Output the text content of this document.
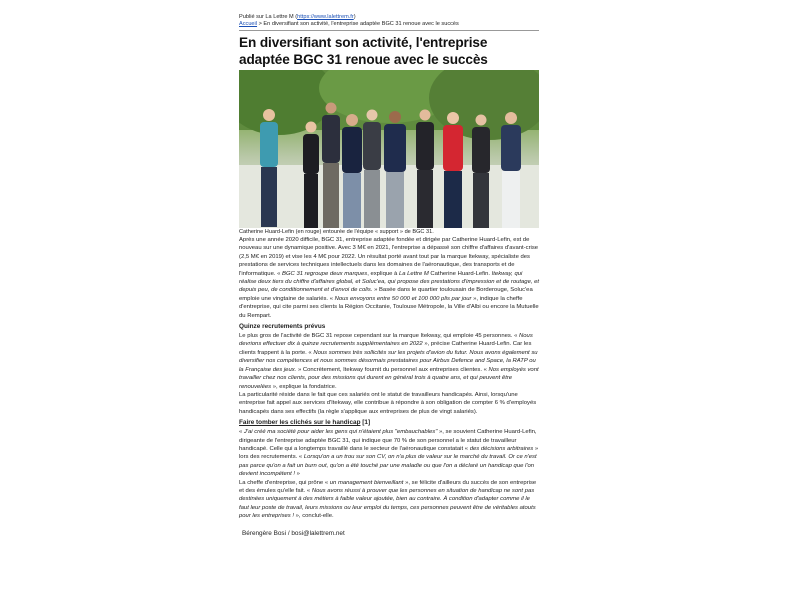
Publié sur La Lettre M (https://www.lalettrem.fr)
Accueil > En diversifiant son activité, l'entreprise adaptée BGC 31 renoue avec le succès
En diversifiant son activité, l'entreprise
adaptée BGC 31 renoue avec le succès
Catherine Huard-Lefin (en rouge) entourée de l'équipe « support » de BGC 31.

Après une année 2020 difficile, BGC 31, entreprise adaptée fondée et dirigée par Catherine Huard-Lefin, est de nouveau sur une dynamique positive. Avec 3 M€ en 2021, l'entreprise a dépassé son chiffre d'affaires d'avant-crise (2,5 M€ en 2019) et vise les 4 M€ pour 2022. Un résultat porté avant tout par la marque Itekway, spécialiste des prestations de services techniques intellectuels dans les domaines de l'aéronautique, des transports et de l'informatique. « BGC 31 regroupe deux marques, explique à La Lettre M Catherine Huard-Lefin. Itekway, qui réalise deux tiers du chiffre d'affaires global, et Soluc'ea, qui propose des prestations d'impression et de routage, et depuis peu, de conditionnement et d'envoi de colis. » Basée dans le quartier toulousain de Borderouge, Soluc'ea emploie une vingtaine de salariés. « Nous envoyons entre 50 000 et 100 000 plis par jour », indique la cheffe d'entreprise, qui cite parmi ses clients la Région Occitanie, Toulouse Métropole, la Ville d'Albi ou encore la Mutuelle du Rempart.

Quinze recrutements prévus

Le plus gros de l'activité de BGC 31 repose cependant sur la marque Itekway, qui emploie 45 personnes. « Nous devrions effectuer dix à quinze recrutements supplémentaires en 2022 », précise Catherine Huard-Lefin. Car les clients frappent à la porte. « Nous sommes très sollicités sur les projets d'avion du futur. Nous avons également su diversifier nos compétences et nous sommes désormais prestataires pour Airbus Defence and Space, la RATP ou la Française des jeux. » Concrètement, Itekway fournit du personnel aux entreprises clientes. « Nos employés vont travailler chez nos clients, pour des missions qui durent en général trois à quatre ans, et qui peuvent être renouvelées », explique la fondatrice.

La particularité réside dans le fait que ces salariés ont le statut de travailleurs handicapés. Ainsi, lorsqu'une entreprise fait appel aux services d'Itekway, elle contribue à répondre à son obligation de compter 6 % d'employés handicapés dans ses effectifs (la règle s'applique aux entreprises de plus de vingt salariés).

Faire tomber les clichés sur le handicap [1]

« J'ai créé ma société pour aider les gens qui n'étaient plus "embauchables" », se souvient Catherine Huard-Lefin, dirigeante de l'entreprise adaptée BGC 31, qui indique que 70 % de son personnel a le statut de travailleur handicapé. Celle qui a longtemps travaillé dans le secteur de l'aéronautique constatait « des décisions arbitraires » lors des recrutements. « Lorsqu'on a un trou sur son CV, on n'a plus de valeur sur le marché du travail. Or ce n'est pas parce qu'on a fait un burn out, qu'on a été touché par une maladie ou que l'on a déclaré un handicap que l'on devient incompétent ! »

La cheffe d'entreprise, qui prône « un management bienveillant », se félicite d'ailleurs du succès de son entreprise et des émules qu'elle fait. « Nous avons réussi à prouver que les personnes en situation de handicap ne sont pas destinées uniquement à des métiers à faible valeur ajoutée, bien au contraire. À condition d'adapter comme il le faut leur poste de travail, leurs missions ou leur emploi du temps, ces personnes peuvent être de véritables atouts pour les entreprises ! », conclut-elle.

Bérengère Bosi / bosi@lalettrem.net
